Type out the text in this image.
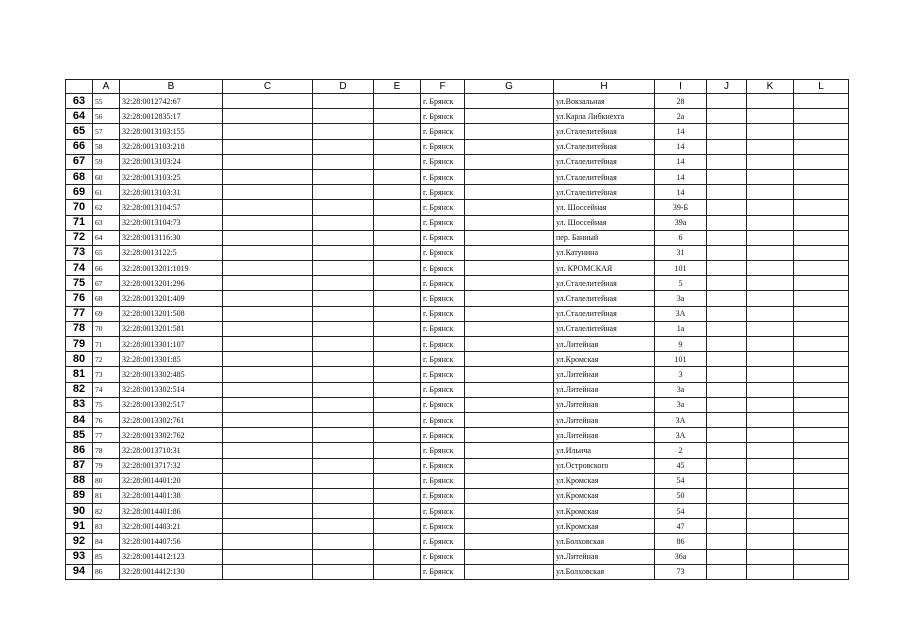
	A	B	C	D	E	F	G	H	I	J	K	L
63	55	32:28:0012742:67				г. Брянск		ул.Вокзальная	28			
64	56	32:28:0012835:17				г. Брянск		ул.Карла Либкнехта	2а			
65	57	32:28:0013103:155				г. Брянск		ул.Сталелитейная	14			
66	58	32:28:0013103:218				г. Брянск		ул.Сталелитейная	14			
67	59	32:28:0013103:24				г. Брянск		ул.Сталелитейная	14			
68	60	32:28:0013103:25				г. Брянск		ул.Сталелитейная	14			
69	61	32:28:0013103:31				г. Брянск		ул.Сталелитейная	14			
70	62	32:28:0013104:57				г. Брянск		ул. Шоссейная	39-Б			
71	63	32:28:0013104:73				г. Брянск		ул. Шоссейная	39а			
72	64	32:28:0013116:30				г. Брянск		пер. Банный	6			
73	65	32:28:0013122:5				г. Брянск		ул.Катунина	31			
74	66	32:28:0013201:1019				г. Брянск		ул. КРОМСКАЯ	101			
75	67	32:28:0013201:296				г. Брянск		ул.Сталелитейная	5			
76	68	32:28:0013201:409				г. Брянск		ул.Сталелитейная	3а			
77	69	32:28:0013201:508				г. Брянск		ул.Сталелитейная	3А			
78	70	32:28:0013201:581				г. Брянск		ул.Сталелитейная	1а			
79	71	32:28:0013301:107				г. Брянск		ул.Литейная	9			
80	72	32:28:0013301:85				г. Брянск		ул.Кромская	101			
81	73	32:28:0013302:485				г. Брянск		ул.Литейная	3			
82	74	32:28:0013302:514				г. Брянск		ул.Литейная	3а			
83	75	32:28:0013302:517				г. Брянск		ул.Литейная	3а			
84	76	32:28:0013302:761				г. Брянск		ул.Литейная	3А			
85	77	32:28:0013302:762				г. Брянск		ул.Литейная	3А			
86	78	32:28:0013710:31				г. Брянск		ул.Ильича	2			
87	79	32:28:0013717:32				г. Брянск		ул.Островского	45			
88	80	32:28:0014401:20				г. Брянск		ул.Кромская	54			
89	81	32:28:0014401:38				г. Брянск		ул.Кромская	50			
90	82	32:28:0014401:86				г. Брянск		ул.Кромская	54			
91	83	32:28:0014403:21				г. Брянск		ул.Кромская	47			
92	84	32:28:0014407:56				г. Брянск		ул.Болховская	86			
93	85	32:28:0014412:123				г. Брянск		ул.Литейная	36а			
94	86	32:28:0014412:130				г. Брянск		ул.Болховская	73			
